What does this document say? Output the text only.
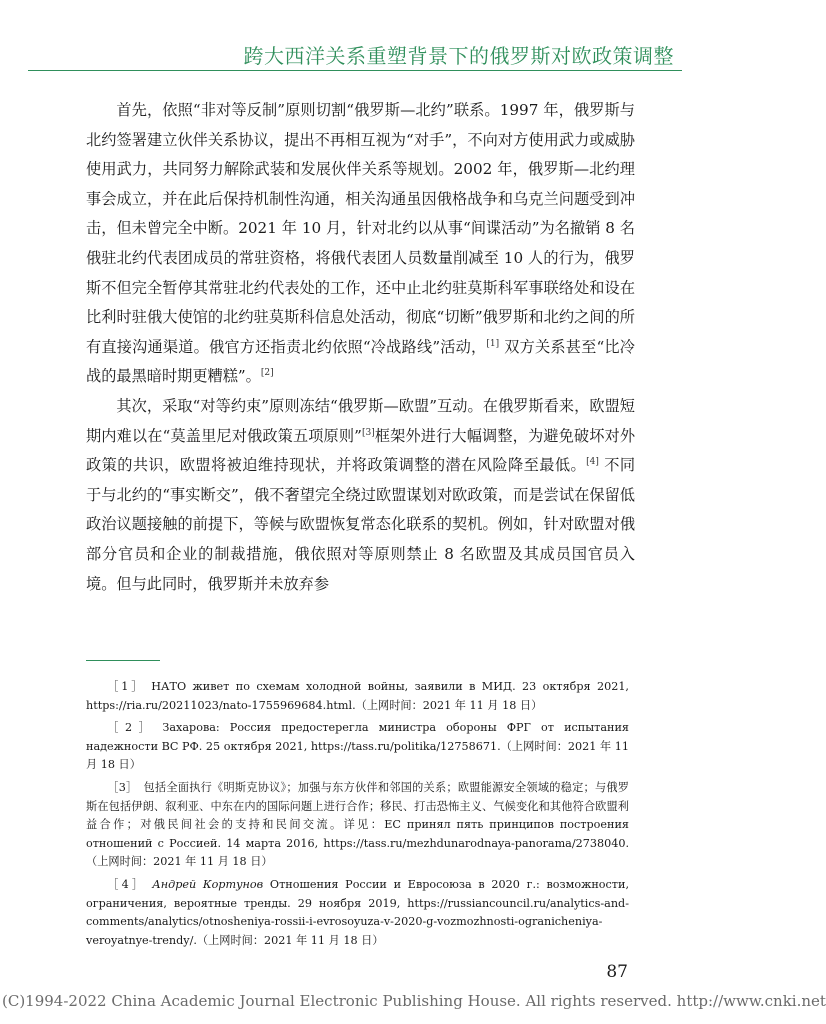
跨大西洋关系重塑背景下的俄罗斯对欧政策调整

首先，依照“非对等反制”原则切割“俄罗斯—北约”联系。1997 年，俄罗斯与北约签署建立伙伴关系协议，提出不再相互视为“对手”，不向对方使用武力或威胁使用武力，共同努力解除武装和发展伙伴关系等规划。2002 年，俄罗斯—北约理事会成立，并在此后保持机制性沟通，相关沟通虽因俄格战争和乌克兰问题受到冲击，但未曾完全中断。2021 年 10 月，针对北约以从事“间谍活动”为名撤销 8 名俄驻北约代表团成员的常驻资格，将俄代表团人员数量削减至 10 人的行为，俄罗斯不但完全暂停其常驻北约代表处的工作，还中止北约驻莫斯科军事联络处和设在比利时驻俄大使馆的北约驻莫斯科信息处活动，彻底“切断”俄罗斯和北约之间的所有直接沟通渠道。俄官方还指责北约依照“冷战路线”活动，[1] 双方关系甚至“比冷战的最黑暗时期更糟糕”。[2]

其次，采取“对等约束”原则冻结“俄罗斯—欧盟”互动。在俄罗斯看来，欧盟短期内难以在“莫盖里尼对俄政策五项原则”[3]框架外进行大幅调整，为避免破坏对外政策的共识，欧盟将被迫维持现状，并将政策调整的潜在风险降至最低。[4] 不同于与北约的“事实断交”，俄不奢望完全绕过欧盟谋划对欧政策，而是尝试在保留低政治议题接触的前提下，等候与欧盟恢复常态化联系的契机。例如，针对欧盟对俄部分官员和企业的制裁措施，俄依照对等原则禁止 8 名欧盟及其成员国官员入境。但与此同时，俄罗斯并未放弃参

［1］ НАТО живет по схемам холодной войны, заявили в МИД. 23 октября 2021, https://ria.ru/20211023/nato-1755969684.html.（上网时间：2021 年 11 月 18 日）

［2］ Захарова: Россия предостерегла министра обороны ФРГ от испытания надежности ВС РФ. 25 октября 2021, https://tass.ru/politika/12758671.（上网时间：2021 年 11 月 18 日）

［3］ 包括全面执行《明斯克协议》；加强与东方伙伴和邻国的关系；欧盟能源安全领域的稳定；与俄罗斯在包括伊朗、叙利亚、中东在内的国际问题上进行合作；移民、打击恐怖主义、气候变化和其他符合欧盟利益合作；对俄民间社会的支持和民间交流。详见：ЕС принял пять принципов построения отношений с Россией. 14 марта 2016, https://tass.ru/mezhdunarodnaya-panorama/2738040.（上网时间：2021 年 11 月 18 日）

［4］ Андрей Кортунов Отношения России и Евросоюза в 2020 г.: возможности, ограничения, вероятные тренды. 29 ноября 2019, https://russiancouncil.ru/analytics-and-comments/analytics/otnosheniya-rossii-i-evrosoyuza-v-2020-g-vozmozhnosti-ogranicheniya-veroyatnye-trendy/.（上网时间：2021 年 11 月 18 日）

87

(C)1994-2022 China Academic Journal Electronic Publishing House. All rights reserved. http://www.cnki.net
